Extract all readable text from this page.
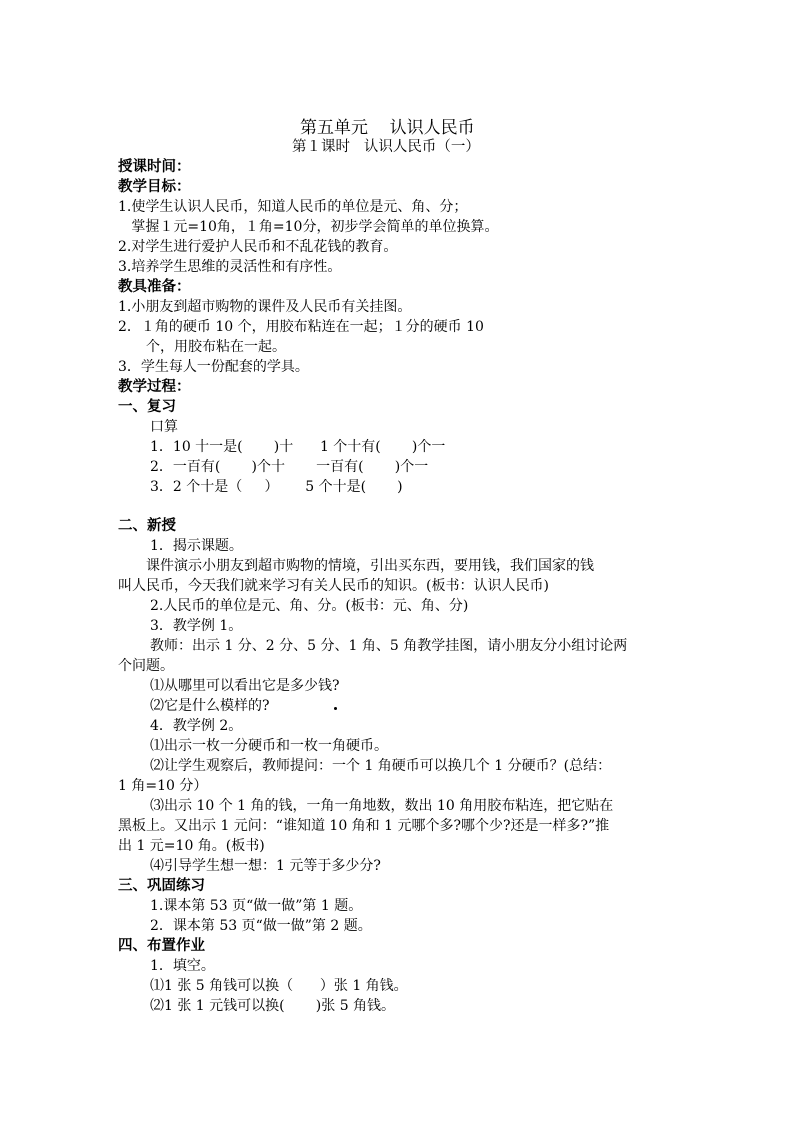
第五单元    认识人民币
第１课时   认识人民币（一）
授课时间：
教学目标：
1.使学生认识人民币，知道人民币的单位是元、角、分；
掌握１元=10角，１角=10分，初步学会简单的单位换算。
2.对学生进行爱护人民币和不乱花钱的教育。
3.培养学生思维的灵活性和有序性。
教具准备：
1.小朋友到超市购物的课件及人民币有关挂图。
2．１角的硬币 10 个，用胶布粘连在一起；１分的硬币 10
个，用胶布粘在一起。
3．学生每人一份配套的学具。
教学过程：
一、复习
口算
1．10 十一是(       )十      1 个十有(       )个一
2．一百有(       )个十       一百有(       )个一
3．2 个十是（     ）      5 个十是(       )
二、新授
1．揭示课题。
课件演示小朋友到超市购物的情境，引出买东西，要用钱，我们国家的钱
叫人民币，今天我们就来学习有关人民币的知识。(板书：认识人民币)
2.人民币的单位是元、角、分。(板书：元、角、分)
3．教学例 1。
教师：出示 1 分、2 分、5 分、1 角、5 角教学挂图，请小朋友分小组讨论两
个问题。
⑴从哪里可以看出它是多少钱?
⑵它是什么模样的?
4．教学例 2。
⑴出示一枚一分硬币和一枚一角硬币。
⑵让学生观察后，教师提问：一个 1 角硬币可以换几个 1 分硬币？(总结：
1 角=10 分）
⑶出示 10 个 1 角的钱，一角一角地数，数出 10 角用胶布粘连，把它贴在
黑板上。又出示 1 元问：“谁知道 10 角和 1 元哪个多?哪个少?还是一样多?”推
出 1 元=10 角。(板书)
⑷引导学生想一想：1 元等于多少分?
三、巩固练习
1.课本第 53 页“做一做”第 1 题。
2．课本第 53 页“做一做”第 2 题。
四、布置作业
1．填空。
⑴1 张 5 角钱可以换（      ）张 1 角钱。
⑵1 张 1 元钱可以换(       )张 5 角钱。
